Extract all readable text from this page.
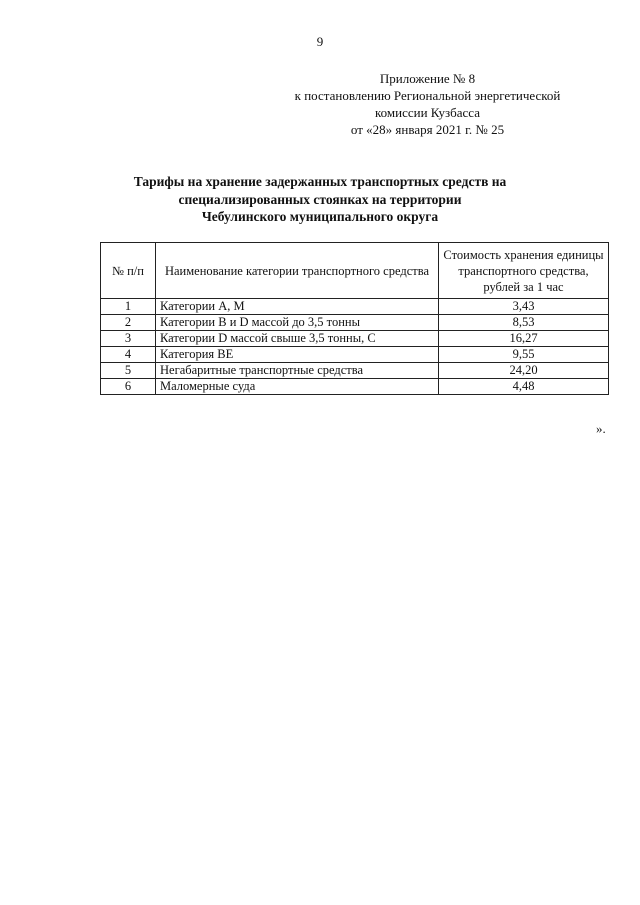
9
Приложение № 8
к постановлению Региональной энергетической
комиссии Кузбасса
от «28» января 2021 г. № 25
Тарифы на хранение задержанных транспортных средств на
специализированных стоянках на территории
Чебулинского муниципального округа
№ п/п	Наименование категории транспортного средства	Стоимость хранения единицы транспортного средства, рублей за 1 час
1	Категории А, М	3,43
2	Категории В и D массой до 3,5 тонны	8,53
3	Категории D массой свыше 3,5 тонны, С	16,27
4	Категория ВЕ	9,55
5	Негабаритные транспортные средства	24,20
6	Маломерные суда	4,48
».
